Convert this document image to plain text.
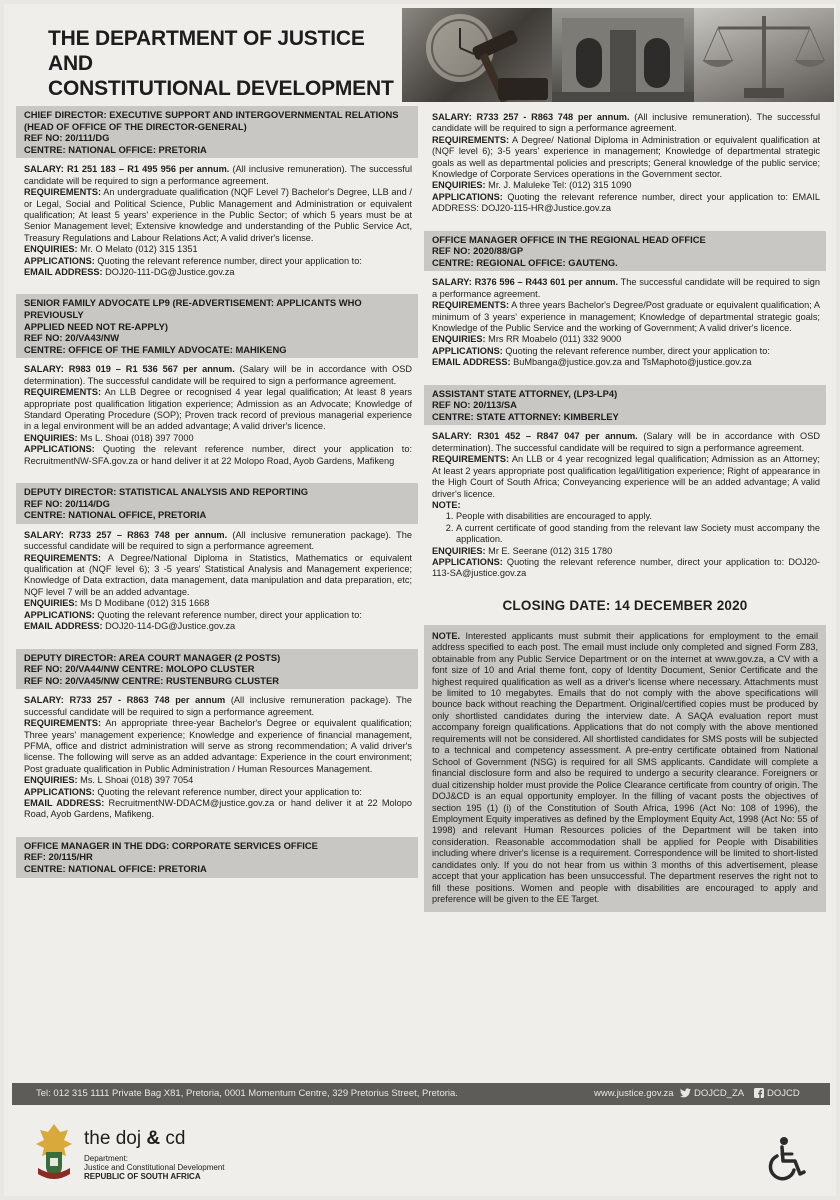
THE DEPARTMENT OF JUSTICE AND
CONSTITUTIONAL DEVELOPMENT
CHIEF DIRECTOR: EXECUTIVE SUPPORT AND INTERGOVERNMENTAL RELATIONS
(HEAD OF OFFICE OF THE DIRECTOR-GENERAL)
REF NO: 20/111/DG
CENTRE: NATIONAL OFFICE: PRETORIA

SALARY: R1 251 183 – R1 495 956 per annum. (All inclusive remuneration). The successful candidate will be required to sign a performance agreement.

REQUIREMENTS: An undergraduate qualification (NQF Level 7) Bachelor's Degree, LLB and / or Legal, Social and Political Science, Public Management and Administration or equivalent qualification; At least 5 years' experience in the Public Sector; of which 5 years must be at Senior Management level; Extensive knowledge and understanding of the Public Service Act, Treasury Regulations and Labour Relations Act; A valid driver's license.

ENQUIRIES: Mr. O Melato (012) 315 1351

APPLICATIONS: Quoting the relevant reference number, direct your application to:

EMAIL ADDRESS: DOJ20-111-DG@Justice.gov.za

SENIOR FAMILY ADVOCATE LP9 (RE-ADVERTISEMENT: APPLICANTS WHO PREVIOUSLY
APPLIED NEED NOT RE-APPLY)
REF NO: 20/VA43/NW
CENTRE: OFFICE OF THE FAMILY ADVOCATE: MAHIKENG

SALARY: R983 019 – R1 536 567 per annum. (Salary will be in accordance with OSD determination). The successful candidate will be required to sign a performance agreement.

REQUIREMENTS: An LLB Degree or recognised 4 year legal qualification; At least 8 years appropriate post qualification litigation experience; Admission as an Advocate; Knowledge of Standard Operating Procedure (SOP); Proven track record of previous managerial experience in a legal environment will be an added advantage; A valid driver's licence.

ENQUIRIES: Ms L. Shoai (018) 397 7000

APPLICATIONS: Quoting the relevant reference number, direct your application to: RecruitmentNW-SFA.gov.za or hand deliver it at 22 Molopo Road, Ayob Gardens, Mafikeng

DEPUTY DIRECTOR: STATISTICAL ANALYSIS AND REPORTING
REF NO: 20/114/DG
CENTRE: NATIONAL OFFICE, PRETORIA

SALARY: R733 257 – R863 748 per annum. (All inclusive remuneration package). The successful candidate will be required to sign a performance agreement.

REQUIREMENTS: A Degree/National Diploma in Statistics, Mathematics or equivalent qualification at (NQF level 6); 3 -5 years' Statistical Analysis and Management experience; Knowledge of Data extraction, data management, data manipulation and data preparation, etc; NQF level 7 will be an added advantage.

ENQUIRIES: Ms D Modibane (012) 315 1668

APPLICATIONS: Quoting the relevant reference number, direct your application to:

EMAIL ADDRESS: DOJ20-114-DG@Justice.gov.za

DEPUTY DIRECTOR: AREA COURT MANAGER (2 POSTS)
REF NO: 20/VA44/NW CENTRE: MOLOPO CLUSTER
REF NO: 20/VA45/NW CENTRE: RUSTENBURG CLUSTER

SALARY: R733 257 - R863 748 per annum (All inclusive remuneration package). The successful candidate will be required to sign a performance agreement.

REQUIREMENTS: An appropriate three-year Bachelor's Degree or equivalent qualification; Three years' management experience; Knowledge and experience of financial management, PFMA, office and district administration will serve as strong recommendation; A valid driver's license. The following will serve as an added advantage: Experience in the court environment; Post graduate qualification in Public Administration / Human Resources Management.

ENQUIRIES: Ms. L Shoai (018) 397 7054

APPLICATIONS: Quoting the relevant reference number, direct your application to:

EMAIL ADDRESS: RecruitmentNW-DDACM@justice.gov.za or hand deliver it at 22 Molopo Road, Ayob Gardens, Mafikeng.

OFFICE MANAGER IN THE DDG: CORPORATE SERVICES OFFICE
REF: 20/115/HR
CENTRE: NATIONAL OFFICE: PRETORIA

SALARY: R733 257 - R863 748 per annum. (All inclusive remuneration). The successful candidate will be required to sign a performance agreement.

REQUIREMENTS: A Degree/ National Diploma in Administration or equivalent qualification at (NQF level 6); 3-5 years' experience in management; Knowledge of departmental strategic goals as well as departmental policies and prescripts; General knowledge of the public service; Knowledge of Corporate Services operations in the Government sector.

ENQUIRIES: Mr. J. Maluleke Tel: (012) 315 1090

APPLICATIONS: Quoting the relevant reference number, direct your application to: EMAIL ADDRESS: DOJ20-115-HR@Justice.gov.za

OFFICE MANAGER OFFICE IN THE REGIONAL HEAD OFFICE
REF NO: 2020/88/GP
CENTRE: REGIONAL OFFICE: GAUTENG.

SALARY: R376 596 – R443 601 per annum. The successful candidate will be required to sign a performance agreement.

REQUIREMENTS: A three years Bachelor's Degree/Post graduate or equivalent qualification; A minimum of 3 years' experience in management; Knowledge of departmental strategic goals; Knowledge of the Public Service and the working of Government; A valid driver's licence.

ENQUIRIES: Mrs RR Moabelo (011) 332 9000

APPLICATIONS: Quoting the relevant reference number, direct your application to:

EMAIL ADDRESS: BuMbanga@justice.gov.za and TsMaphoto@justice.gov.za

ASSISTANT STATE ATTORNEY, (LP3-LP4)
REF NO: 20/113/SA
CENTRE: STATE ATTORNEY: KIMBERLEY

SALARY: R301 452 – R847 047 per annum. (Salary will be in accordance with OSD determination). The successful candidate will be required to sign a performance agreement.

REQUIREMENTS: An LLB or 4 year recognized legal qualification; Admission as an Attorney; At least 2 years appropriate post qualification legal/litigation experience; Right of appearance in the High Court of South Africa; Conveyancing experience will be an added advantage; A valid driver's licence.

NOTE:

1. People with disabilities are encouraged to apply.
2. A current certificate of good standing from the relevant law Society must accompany the application.

ENQUIRIES: Mr E. Seerane (012) 315 1780

APPLICATIONS: Quoting the relevant reference number, direct your application to: DOJ20-113-SA@justice.gov.za

CLOSING DATE: 14 DECEMBER 2020
NOTE. Interested applicants must submit their applications for employment to the email address specified to each post. The email must include only completed and signed Form Z83, obtainable from any Public Service Department or on the internet at www.gov.za, a CV with a font size of 10 and Arial theme font, copy of Identity Document, Senior Certificate and the highest required qualification as well as a driver's license where necessary. Attachments must be limited to 10 megabytes. Emails that do not comply with the above specifications will bounce back without reaching the Department. Original/certified copies must be produced by only shortlisted candidates during the interview date. A SAQA evaluation report must accompany foreign qualifications. Applications that do not comply with the above mentioned requirements will not be considered. All shortlisted candidates for SMS posts will be subjected to a technical and competency assessment. A pre-entry certificate obtained from National School of Government (NSG) is required for all SMS applicants. Candidate will complete a financial disclosure form and also be required to undergo a security clearance. Foreigners or dual citizenship holder must provide the Police Clearance certificate from country of origin. The DOJ&CD is an equal opportunity employer. In the filling of vacant posts the objectives of section 195 (1) (i) of the Constitution of South Africa, 1996 (Act No: 108 of 1996), the Employment Equity imperatives as defined by the Employment Equity Act, 1998 (Act No: 55 of 1998) and relevant Human Resources policies of the Department will be taken into consideration. Reasonable accommodation shall be applied for People with Disabilities including where driver's license is a requirement. Correspondence will be limited to short-listed candidates only. If you do not hear from us within 3 months of this advertisement, please accept that your application has been unsuccessful. The department reserves the right not to fill these positions. Women and people with disabilities are encouraged to apply and preference will be given to the EE Target.
Tel: 012 315 1111 Private Bag X81, Pretoria, 0001 Momentum Centre, 329 Pretorius Street, Pretoria.	www.justice.gov.za	DOJCD_ZA	DOJCD
the doj & cd
Department:
Justice and Constitutional Development
REPUBLIC OF SOUTH AFRICA
